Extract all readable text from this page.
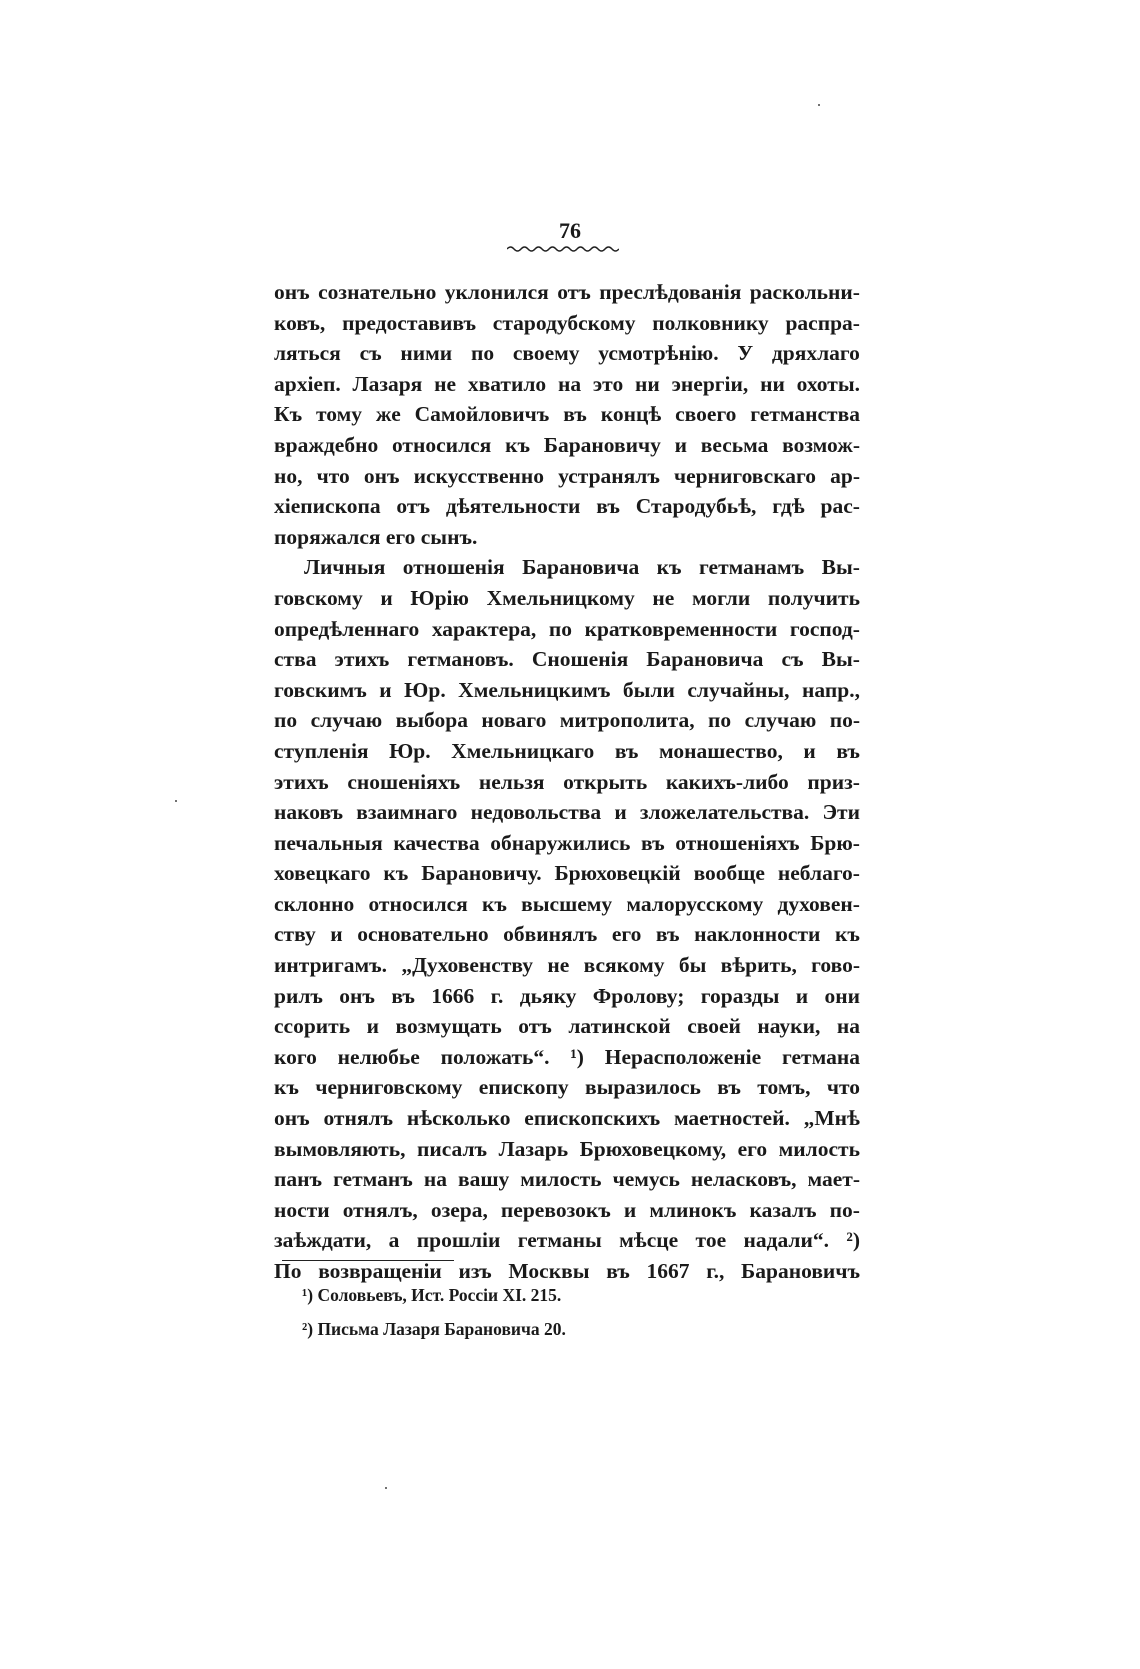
76
онъ сознательно уклонился отъ преслѣдованія раскольни-
ковъ, предоставивъ стародубскому полковнику распра-
ляться съ ними по своему усмотрѣнію. У дряхлаго
архіеп. Лазаря не хватило на это ни энергіи, ни охоты.
Къ тому же Самойловичъ въ концѣ своего гетманства
враждебно относился къ Барановичу и весьма возмож-
но, что онъ искусственно устранялъ черниговскаго ар-
хіепископа отъ дѣятельности въ Стародубьѣ, гдѣ рас-
поряжался его сынъ.
Личныя отношенія Барановича къ гетманамъ Вы-
говскому и Юрію Хмельницкому не могли получить
опредѣленнаго характера, по кратковременности господ-
ства этихъ гетмановъ. Сношенія Барановича съ Вы-
говскимъ и Юр. Хмельницкимъ были случайны, напр.,
по случаю выбора новаго митрополита, по случаю по-
ступленія Юр. Хмельницкаго въ монашество, и въ
этихъ сношеніяхъ нельзя открыть какихъ-либо приз-
наковъ взаимнаго недовольства и зложелательства. Эти
печальныя качества обнаружились въ отношеніяхъ Брю-
ховецкаго къ Барановичу. Брюховецкій вообще неблаго-
склонно относился къ высшему малорусскому духовен-
ству и основательно обвинялъ его въ наклонности къ
интригамъ. „Духовенству не всякому бы вѣрить, гово-
рилъ онъ въ 1666 г. дьяку Фролову; горазды и они
ссорить и возмущать отъ латинской своей науки, на
кого нелюбье положать“. ¹) Нерасположеніе гетмана
къ черниговскому епископу выразилось въ томъ, что
онъ отнялъ нѣсколько епископскихъ маетностей. „Мнѣ
вымовляють, писалъ Лазарь Брюховецкому, его милость
панъ гетманъ на вашу милость чемусь неласковъ, мает-
ности отнялъ, озера, перевозокъ и млинокъ казалъ по-
заѣждати, а прошліи гетманы мѣсце тое надали“. ²)
По возвращеніи изъ Москвы въ 1667 г., Барановичъ
¹) Соловьевъ, Ист. Россіи XI. 215.
²) Письма Лазаря Барановича 20.
